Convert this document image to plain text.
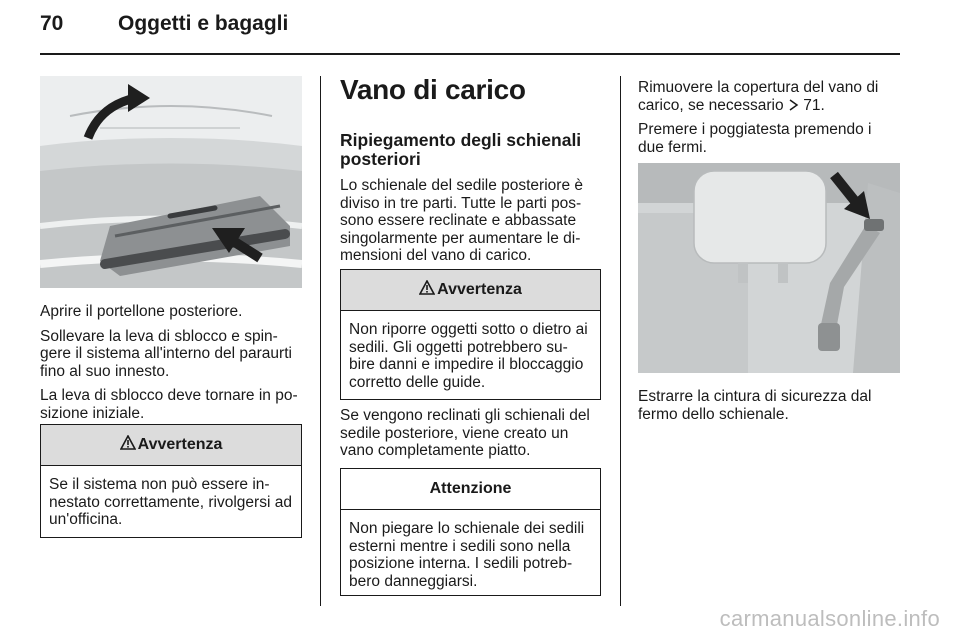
70	Oggetti e bagagli

Aprire il portellone posteriore.

Sollevare la leva di sblocco e spin-gere il sistema all'interno del paraurti fino al suo innesto.

La leva di sblocco deve tornare in po-sizione iniziale.

Avvertenza
Se il sistema non può essere in-nestato correttamente, rivolgersi ad un'officina.
Vano di carico
Ripiegamento degli schienali posteriori

Lo schienale del sedile posteriore è diviso in tre parti. Tutte le parti pos-sono essere reclinate e abbassate singolarmente per aumentare le di-mensioni del vano di carico.

Avvertenza
Non riporre oggetti sotto o dietro ai sedili. Gli oggetti potrebbero su-bire danni e impedire il bloccaggio corretto delle guide.

Se vengono reclinati gli schienali del sedile posteriore, viene creato un vano completamente piatto.

Attenzione
Non piegare lo schienale dei sedili esterni mentre i sedili sono nella posizione interna. I sedili potreb-bero danneggiarsi.

Rimuovere la copertura del vano di carico, se necessario 71.

Premere i poggiatesta premendo i due fermi.

Estrarre la cintura di sicurezza dal fermo dello schienale.

carmanualsonline.info
